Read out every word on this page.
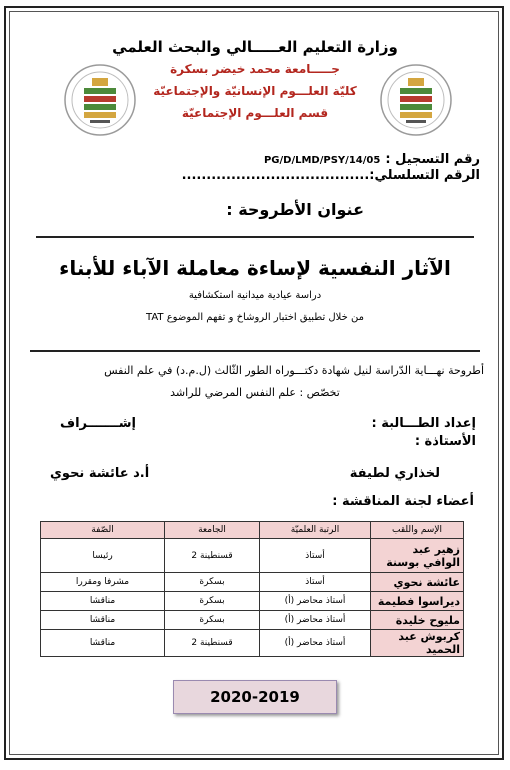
وزارة التعليم العـــــالي والبحث العلمي
جـــــامعة محمد خيضر بسكرة
كليّة العلـــوم الإنسانيّة والإجتماعيّة
قسم العلـــوم الإجتماعيّة
رقم التسجيل : 05/PG/D/LMD/PSY/14
الرقم التسلسلي:......................................
عنوان الأطروحة :
الآثار النفسية لإساءة معاملة الآباء للأبناء
دراسة عيادية ميدانية استكشافية
من خلال تطبيق اختبار الروشاخ و تفهم الموضوع TAT
أطروحة نهـــاية الدّراسة لنيل شهادة دكتـــوراه الطور الثّالث (ل.م.د) في علم النفس
تخصّص : علم النفس المرضي للراشد
إعداد الطـــالبة :
إشـــــــراف
الأستاذة :
لخذاري لطيفة
أ.د عائشة نحوي
أعضاء لجنة المناقشة :
الإسم واللقب	الرتبة العلميّة	الجامعة	الصّفة
زهير عبد الوافي بوسنة	أستاذ	قسنطينة 2	رئيسا
عائشة نحوي	أستاذ	بسكرة	مشرفا ومقررا
ديراسوا فطيمة	أستاذ محاضر (أ)	بسكرة	مناقشا
مليوح خليدة	أستاذ محاضر (أ)	بسكرة	مناقشا
كربوش عبد الحميد	أستاذ محاضر (أ)	قسنطينة 2	مناقشا
2020-2019
